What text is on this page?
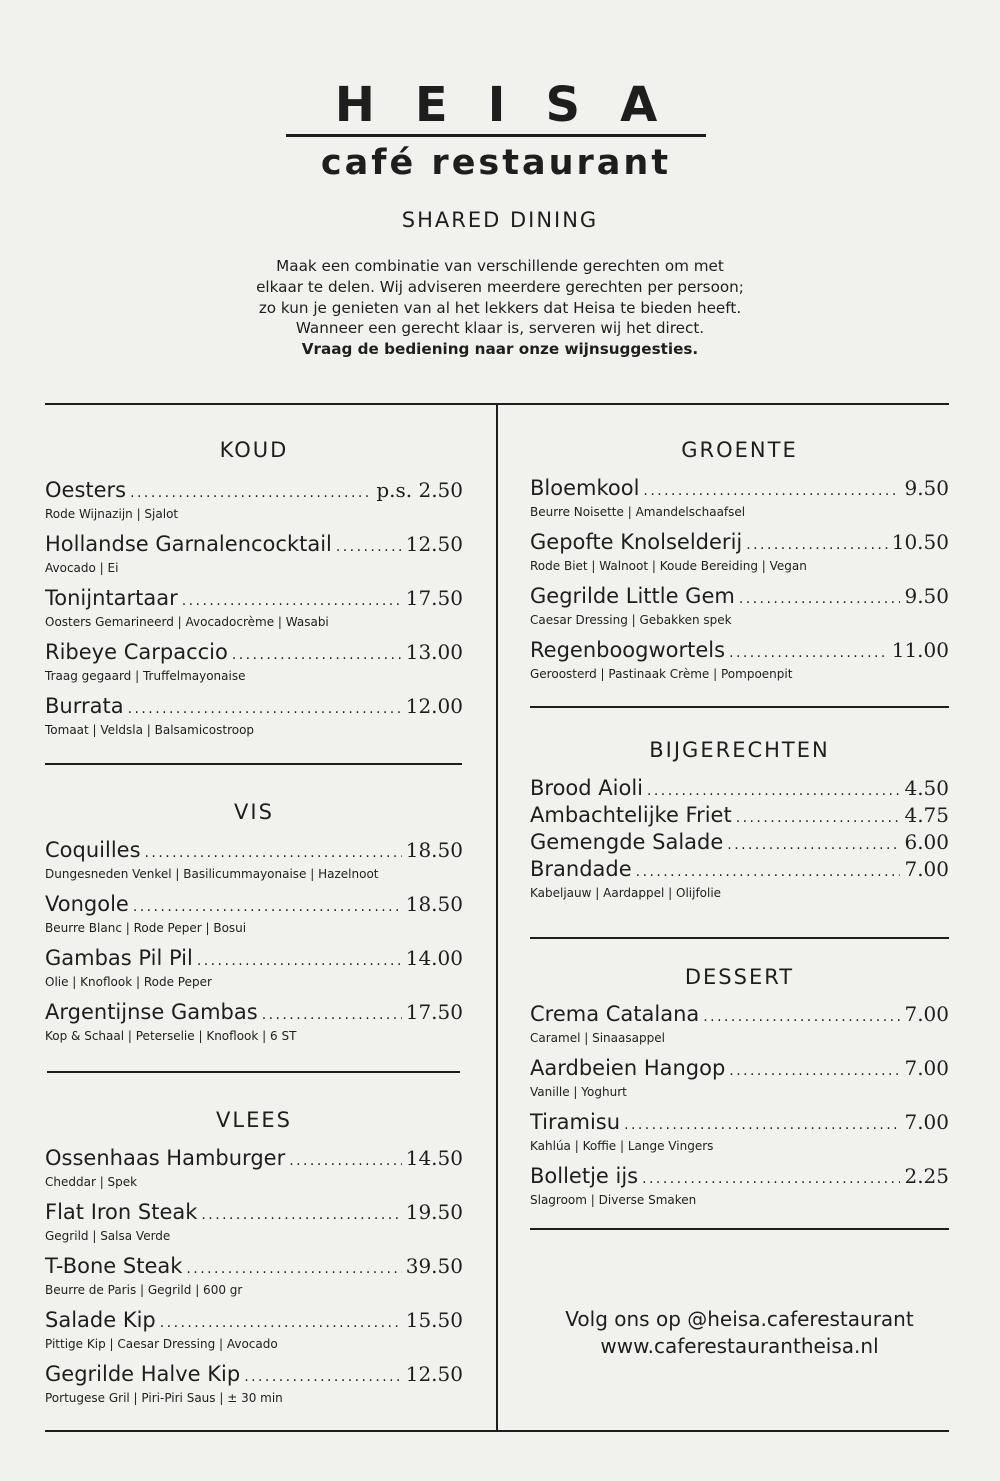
HEISA
café restaurant
SHARED DINING
Maak een combinatie van verschillende gerechten om met
elkaar te delen. Wij adviseren meerdere gerechten per persoon;
zo kun je genieten van al het lekkers dat Heisa te bieden heeft.
Wanneer een gerecht klaar is, serveren wij het direct.
Vraag de bediening naar onze wijnsuggesties.
KOUD
VIS
VLEES
Oesters . . .	p.s. 2.50
Rode Wijnazijn | Sjalot
Hollandse Garnalencocktail . . .	12.50
Avocado | Ei
Tonijntartaar . . .	17.50
Oosters Gemarineerd | Avocadocrème | Wasabi
Ribeye Carpaccio . . .	13.00
Traag gegaard | Truffelmayonaise
Burrata . . .	12.00
Tomaat | Veldsla | Balsamicostroop
Coquilles . . .	18.50
Dungesneden Venkel | Basilicummayonaise | Hazelnoot
Vongole . . .	18.50
Beurre Blanc | Rode Peper | Bosui
Gambas Pil Pil . . .	14.00
Olie | Knoflook | Rode Peper
Argentijnse Gambas . . .	17.50
Kop & Schaal | Peterselie | Knoflook | 6 ST
Ossenhaas Hamburger . . .	14.50
Cheddar | Spek
Flat Iron Steak . . .	19.50
Gegrild | Salsa Verde
T-Bone Steak . . .	39.50
Beurre de Paris | Gegrild | 600 gr
Salade Kip . . .	15.50
Pittige Kip | Caesar Dressing | Avocado
Gegrilde Halve Kip . . .	12.50
Portugese Gril | Piri-Piri Saus | ± 30 min
GROENTE
BIJGERECHTEN
DESSERT
Bloemkool . . .	9.50
Beurre Noisette | Amandelschaafsel
Gepofte Knolselderij . . .	10.50
Rode Biet | Walnoot | Koude Bereiding | Vegan
Gegrilde Little Gem . . .	9.50
Caesar Dressing | Gebakken spek
Regenboogwortels . . .	11.00
Geroosterd | Pastinaak Crème | Pompoenpit
Brood Aioli . . .	4.50
Ambachtelijke Friet . . .	4.75
Gemengde Salade . . .	6.00
Brandade . . .	7.00
Kabeljauw | Aardappel | Olijfolie
Crema Catalana . . .	7.00
Caramel | Sinaasappel
Aardbeien Hangop . . .	7.00
Vanille | Yoghurt
Tiramisu . . .	7.00
Kahlúa | Koffie | Lange Vingers
Bolletje ijs . . .	2.25
Slagroom | Diverse Smaken
Volg ons op @heisa.caferestaurant
www.caferestaurantheisa.nl
